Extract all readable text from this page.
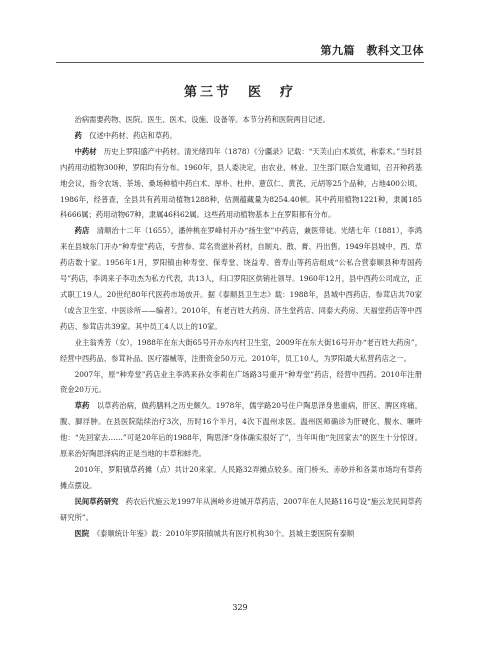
第九篇　教科文卫体
第三节　医　疗

治病需要药物、医院、医生、医术、设施、设备等。本节分药和医院两目记述。

药　仅述中药材、药店和草药。

中药材　历史上罗阳盛产中药材。清光绪四年（1878）《分疆录》记载：“天芙山白术质优，称泰术。”当时县内药用动植物300种，罗阳均有分布。1960年，县人委决定，由农业、林业、卫生部门联合发通知，召开种药基地会议，指令农场、茶场、桑场种植中药白术、厚朴、杜仲、薏苡仁、黄芪、元胡等25个品种，占地400公顷。1986年，经普查，全县共有药用动植物1288种，估测蕴藏量为8254.40顿。其中药用植物1221种，隶属185科666属；药用动物67种，隶属46科62属。这些药用动植物基本上在罗阳都有分布。

药店　清顺治十二年（1655），潘仲桃在罗峰村开办“扬生堂”中药店，兼医带徒。光绪七年（1881），李鸿来在县城东门开办“种寿堂”药店，专营参、茸名贵滋补药材，自制丸、散、膏、丹出售。1949年县城中、西、草药店数十家。1956年1月，罗阳镇由种寿堂、保寿堂、饶益寿、曾寿山等药店组成“公私合营泰顺县种寿国药号”药店，李鸿来子李功杰为私方代表，共13人，归口罗阳区供销社领导。1960年12月，县中西药公司成立，正式职工19人。20世纪80年代医药市场放开。据《泰顺县卫生志》载：1988年，县城中西药店、参茸店共70家（或含卫生室、中医诊所——编者）。2010年，有老百姓大药房、济生堂药店、同泰大药房、天福堂药店等中西药店、参茸店共39家。其中员工4人以上的10家。

业主翁秀芳（女），1988年在东大街65号开办东内村卫生室，2009年在东大街16号开办“老百姓大药房”，经营中西药品、参茸补品、医疗器械等，注册资金50万元。2010年，员工10人，为罗阳最大私营药店之一。

2007年，原“种寿堂”药店业主李鸿来孙女李莉在广场路3号重开“种寿堂”药店，经营中西药。2010年注册资金20万元。

草药　以草药治病，做药膳料之历史颇久。1978年，儒学路20号住户陶思泽身患重病，肝区、脾区疼痛，腹、脚浮肿。在县医院陆续治疗3次，历时16个半月，4次下温州求医。温州医师确诊为肝硬化、腹水、噘吽他：“先回家去……”可是20年后的1988年，陶思泽“身体确实很好了”，当年叫他“先回家去”的医生十分惊讶。原来治好陶思泽病的正是当地的丰草和蚌壳。

2010年，罗阳镇草药摊（点）共计20来家。人民路32弄摊点较多。南门桥头、赤砂并和各菜市场均有草药摊点摆设。

民间草药研究　药农后代施云龙1997年从洲岭乡进城开草药店，2007年在人民路116号设“施云龙民间草药研究所”。

医院　《泰顺统计年鉴》载：2010年罗阳镇城共有医疗机构30个。县城主要医院有泰顺

329
